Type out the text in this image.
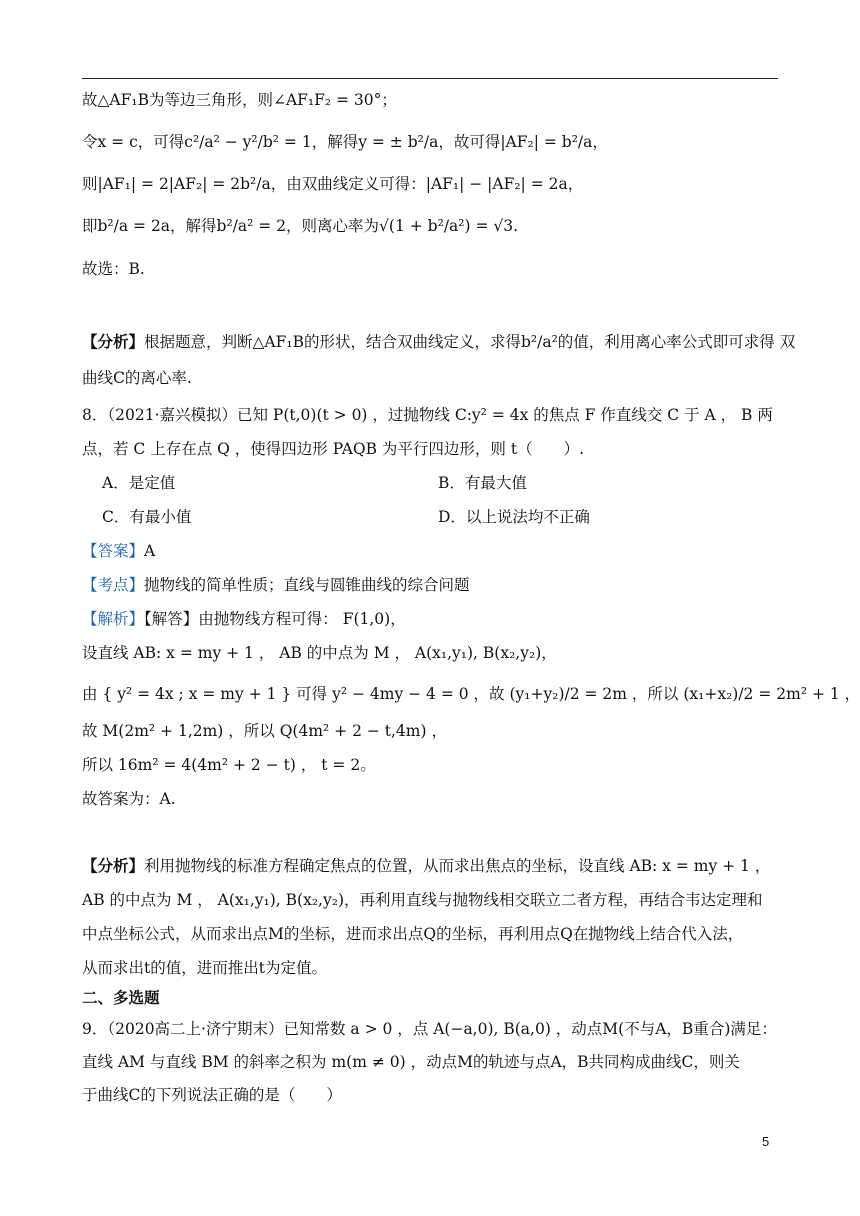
故△AF₁B为等边三角形，则∠AF₁F₂ = 30°；
令x = c，可得c²/a² − y²/b² = 1，解得y = ± b²/a，故可得|AF₂| = b²/a，
则|AF₁| = 2|AF₂| = 2b²/a，由双曲线定义可得：|AF₁| − |AF₂| = 2a，
即b²/a = 2a，解得b²/a² = 2，则离心率为√(1 + b²/a²) = √3.
故选：B.
【分析】根据题意，判断△AF₁B的形状，结合双曲线定义，求得b²/a²的值，利用离心率公式即可求得 双
曲线C的离心率.
8．（2021·嘉兴模拟）已知 P(t,0)(t > 0) ，过抛物线 C:y² = 4x 的焦点 F 作直线交 C 于 A ， B 两
点，若 C 上存在点 Q ，使得四边形 PAQB 为平行四边形，则 t（　　）.
A．是定值	B．有最大值
C．有最小值	D．以上说法均不正确
【答案】A
【考点】抛物线的简单性质；直线与圆锥曲线的综合问题
【解析】【解答】由抛物线方程可得： F(1,0)，
设直线 AB: x = my + 1 ， AB 的中点为 M ， A(x₁,y₁), B(x₂,y₂)，
由 { y² = 4x ; x = my + 1 } 可得 y² − 4my − 4 = 0 ，故 (y₁+y₂)/2 = 2m ，所以 (x₁+x₂)/2 = 2m² + 1 ，
故 M(2m² + 1,2m) ，所以 Q(4m² + 2 − t,4m) ，
所以 16m² = 4(4m² + 2 − t) ， t = 2。
故答案为：A.
【分析】利用抛物线的标准方程确定焦点的位置，从而求出焦点的坐标，设直线 AB: x = my + 1 ，
AB 的中点为 M ， A(x₁,y₁), B(x₂,y₂)，再利用直线与抛物线相交联立二者方程，再结合韦达定理和
中点坐标公式，从而求出点M的坐标，进而求出点Q的坐标，再利用点Q在抛物线上结合代入法，
从而求出t的值，进而推出t为定值。
二、多选题
9．（2020高二上·济宁期末）已知常数 a > 0 ，点 A(−a,0), B(a,0) ，动点M(不与A，B重合)满足：
直线 AM 与直线 BM 的斜率之积为 m(m ≠ 0) ，动点M的轨迹与点A，B共同构成曲线C，则关
于曲线C的下列说法正确的是（　　）
5
